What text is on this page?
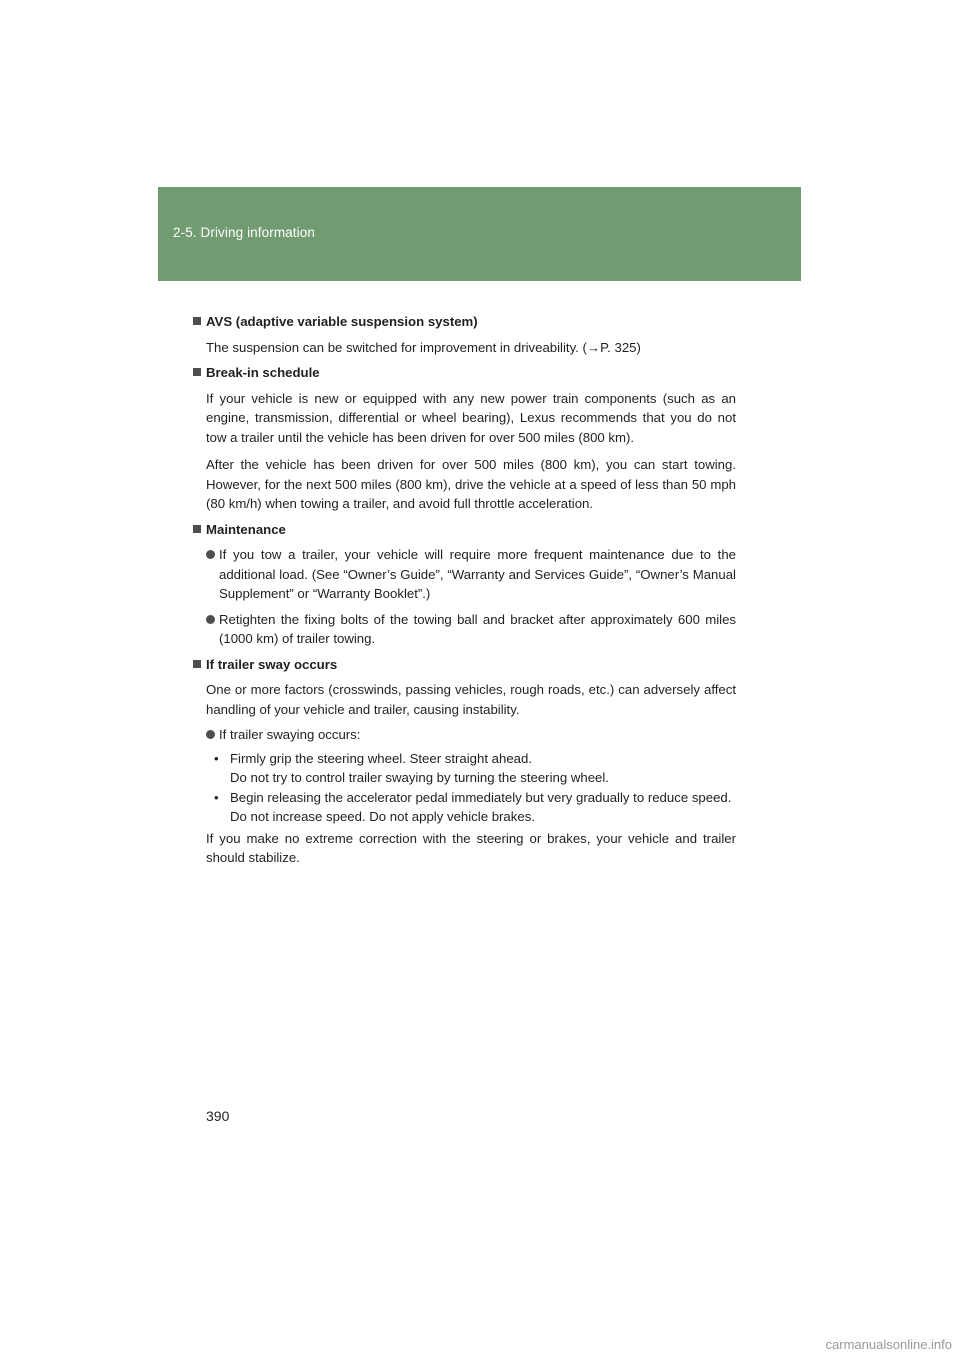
2-5. Driving information
AVS (adaptive variable suspension system)
The suspension can be switched for improvement in driveability. (→P. 325)
Break-in schedule
If your vehicle is new or equipped with any new power train components (such as an engine, transmission, differential or wheel bearing), Lexus recommends that you do not tow a trailer until the vehicle has been driven for over 500 miles (800 km).
After the vehicle has been driven for over 500 miles (800 km), you can start towing. However, for the next 500 miles (800 km), drive the vehicle at a speed of less than 50 mph (80 km/h) when towing a trailer, and avoid full throttle acceleration.
Maintenance
If you tow a trailer, your vehicle will require more frequent maintenance due to the additional load. (See “Owner’s Guide”, “Warranty and Services Guide”, “Owner’s Manual Supplement” or “Warranty Booklet”.)
Retighten the fixing bolts of the towing ball and bracket after approximately 600 miles (1000 km) of trailer towing.
If trailer sway occurs
One or more factors (crosswinds, passing vehicles, rough roads, etc.) can adversely affect handling of your vehicle and trailer, causing instability.
If trailer swaying occurs:
• Firmly grip the steering wheel. Steer straight ahead.
Do not try to control trailer swaying by turning the steering wheel.
• Begin releasing the accelerator pedal immediately but very gradually to reduce speed.
Do not increase speed. Do not apply vehicle brakes.
If you make no extreme correction with the steering or brakes, your vehicle and trailer should stabilize.
390
carmanualsonline.info
